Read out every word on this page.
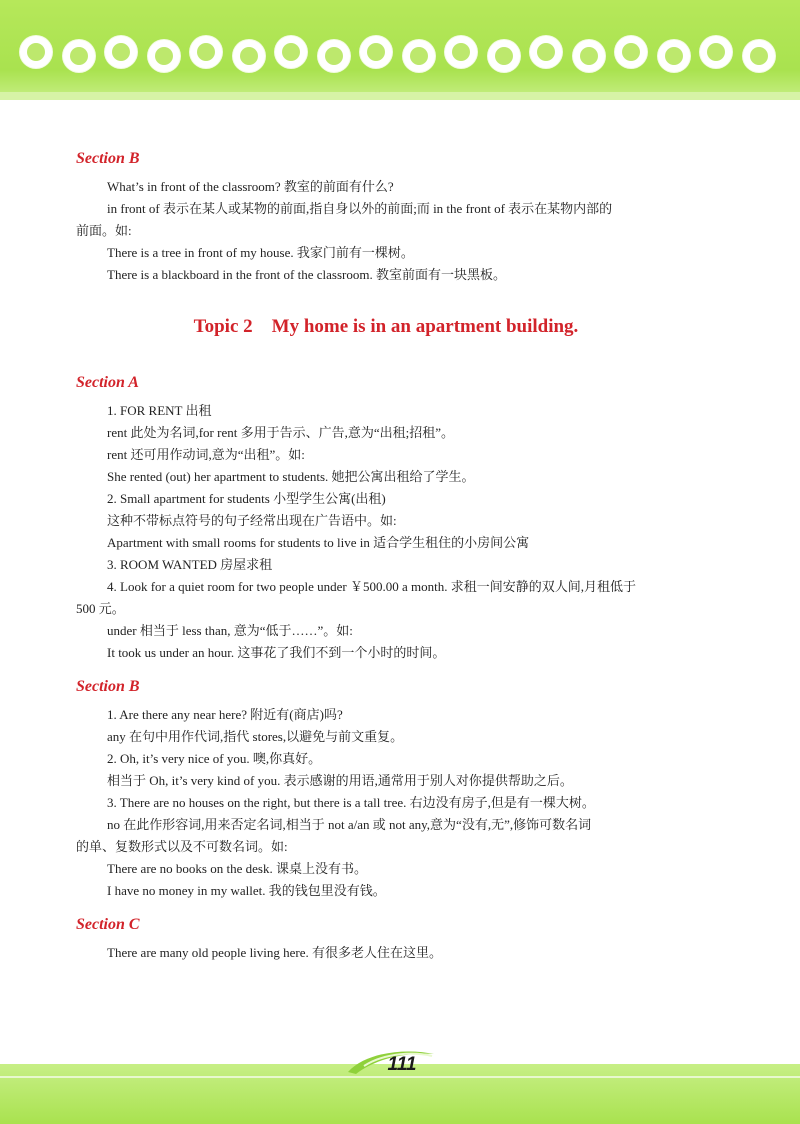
Section B
What’s in front of the classroom? 教室的前面有什么?
in front of 表示在某人或某物的前面,指自身以外的前面;而 in the front of 表示在某物内部的
前面。如:
There is a tree in front of my house. 我家门前有一棵树。
There is a blackboard in the front of the classroom. 教室前面有一块黑板。
Topic 2    My home is in an apartment building.
Section A
1. FOR RENT 出租
rent 此处为名词,for rent 多用于告示、广告,意为“出租;招租”。
rent 还可用作动词,意为“出租”。如:
She rented (out) her apartment to students. 她把公寓出租给了学生。
2. Small apartment for students 小型学生公寓(出租)
这种不带标点符号的句子经常出现在广告语中。如:
Apartment with small rooms for students to live in 适合学生租住的小房间公寓
3. ROOM WANTED 房屋求租
4. Look for a quiet room for two people under ￥500.00 a month. 求租一间安静的双人间,月租低于
500 元。
under 相当于 less than, 意为“低于……”。如:
It took us under an hour. 这事花了我们不到一个小时的时间。
Section B
1. Are there any near here? 附近有(商店)吗?
any 在句中用作代词,指代 stores,以避免与前文重复。
2. Oh, it’s very nice of you. 噢,你真好。
相当于 Oh, it’s very kind of you. 表示感谢的用语,通常用于别人对你提供帮助之后。
3. There are no houses on the right, but there is a tall tree. 右边没有房子,但是有一棵大树。
no 在此作形容词,用来否定名词,相当于 not a/an 或 not any,意为“没有,无”,修饰可数名词
的单、复数形式以及不可数名词。如:
There are no books on the desk. 课桌上没有书。
I have no money in my wallet. 我的钱包里没有钱。
Section C
There are many old people living here. 有很多老人住在这里。
111
